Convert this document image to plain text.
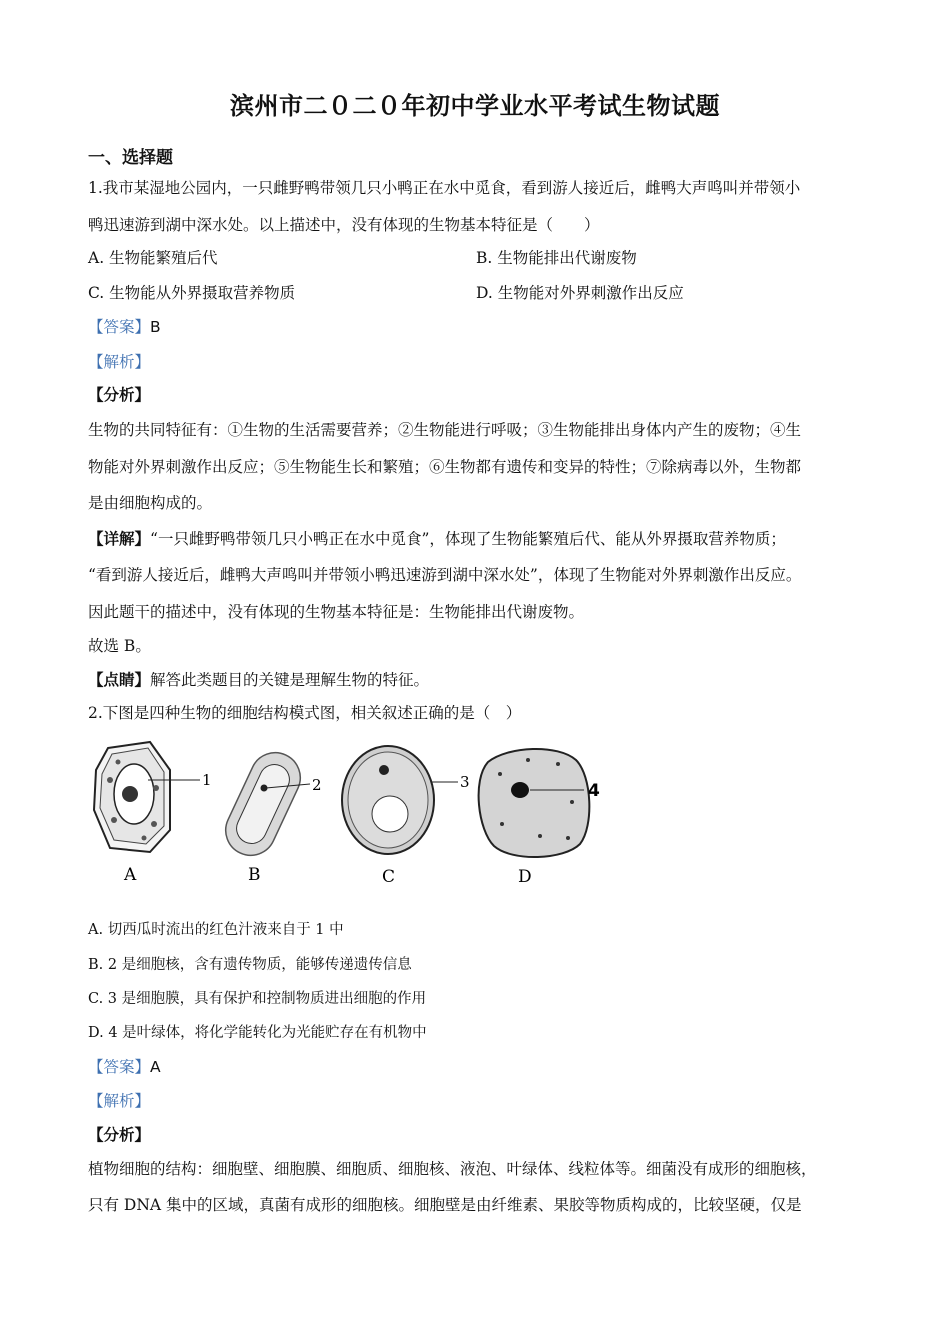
滨州市二０二０年初中学业水平考试生物试题
一、选择题
1.我市某湿地公园内，一只雌野鸭带领几只小鸭正在水中觅食，看到游人接近后，雌鸭大声鸣叫并带领小
鸭迅速游到湖中深水处。以上描述中，没有体现的生物基本特征是（　　）
A. 生物能繁殖后代	B. 生物能排出代谢废物
C. 生物能从外界摄取营养物质	D. 生物能对外界刺激作出反应
【答案】B
【解析】
【分析】
生物的共同特征有：①生物的生活需要营养；②生物能进行呼吸；③生物能排出身体内产生的废物；④生
物能对外界刺激作出反应；⑤生物能生长和繁殖；⑥生物都有遗传和变异的特性；⑦除病毒以外，生物都
是由细胞构成的。
【详解】“一只雌野鸭带领几只小鸭正在水中觅食”，体现了生物能繁殖后代、能从外界摄取营养物质；
“看到游人接近后，雌鸭大声鸣叫并带领小鸭迅速游到湖中深水处”，体现了生物能对外界刺激作出反应。
因此题干的描述中，没有体现的生物基本特征是：生物能排出代谢废物。
故选 B。
【点睛】解答此类题目的关键是理解生物的特征。
2.下图是四种生物的细胞结构模式图，相关叙述正确的是（　）
1
A
2
B
3
C
4
D
A. 切西瓜时流出的红色汁液来自于 1 中
B. 2 是细胞核，含有遗传物质，能够传递遗传信息
C. 3 是细胞膜，具有保护和控制物质进出细胞的作用
D. 4 是叶绿体，将化学能转化为光能贮存在有机物中
【答案】A
【解析】
【分析】
植物细胞的结构：细胞壁、细胞膜、细胞质、细胞核、液泡、叶绿体、线粒体等。细菌没有成形的细胞核，
只有 DNA 集中的区域，真菌有成形的细胞核。细胞壁是由纤维素、果胶等物质构成的，比较坚硬，仅是
